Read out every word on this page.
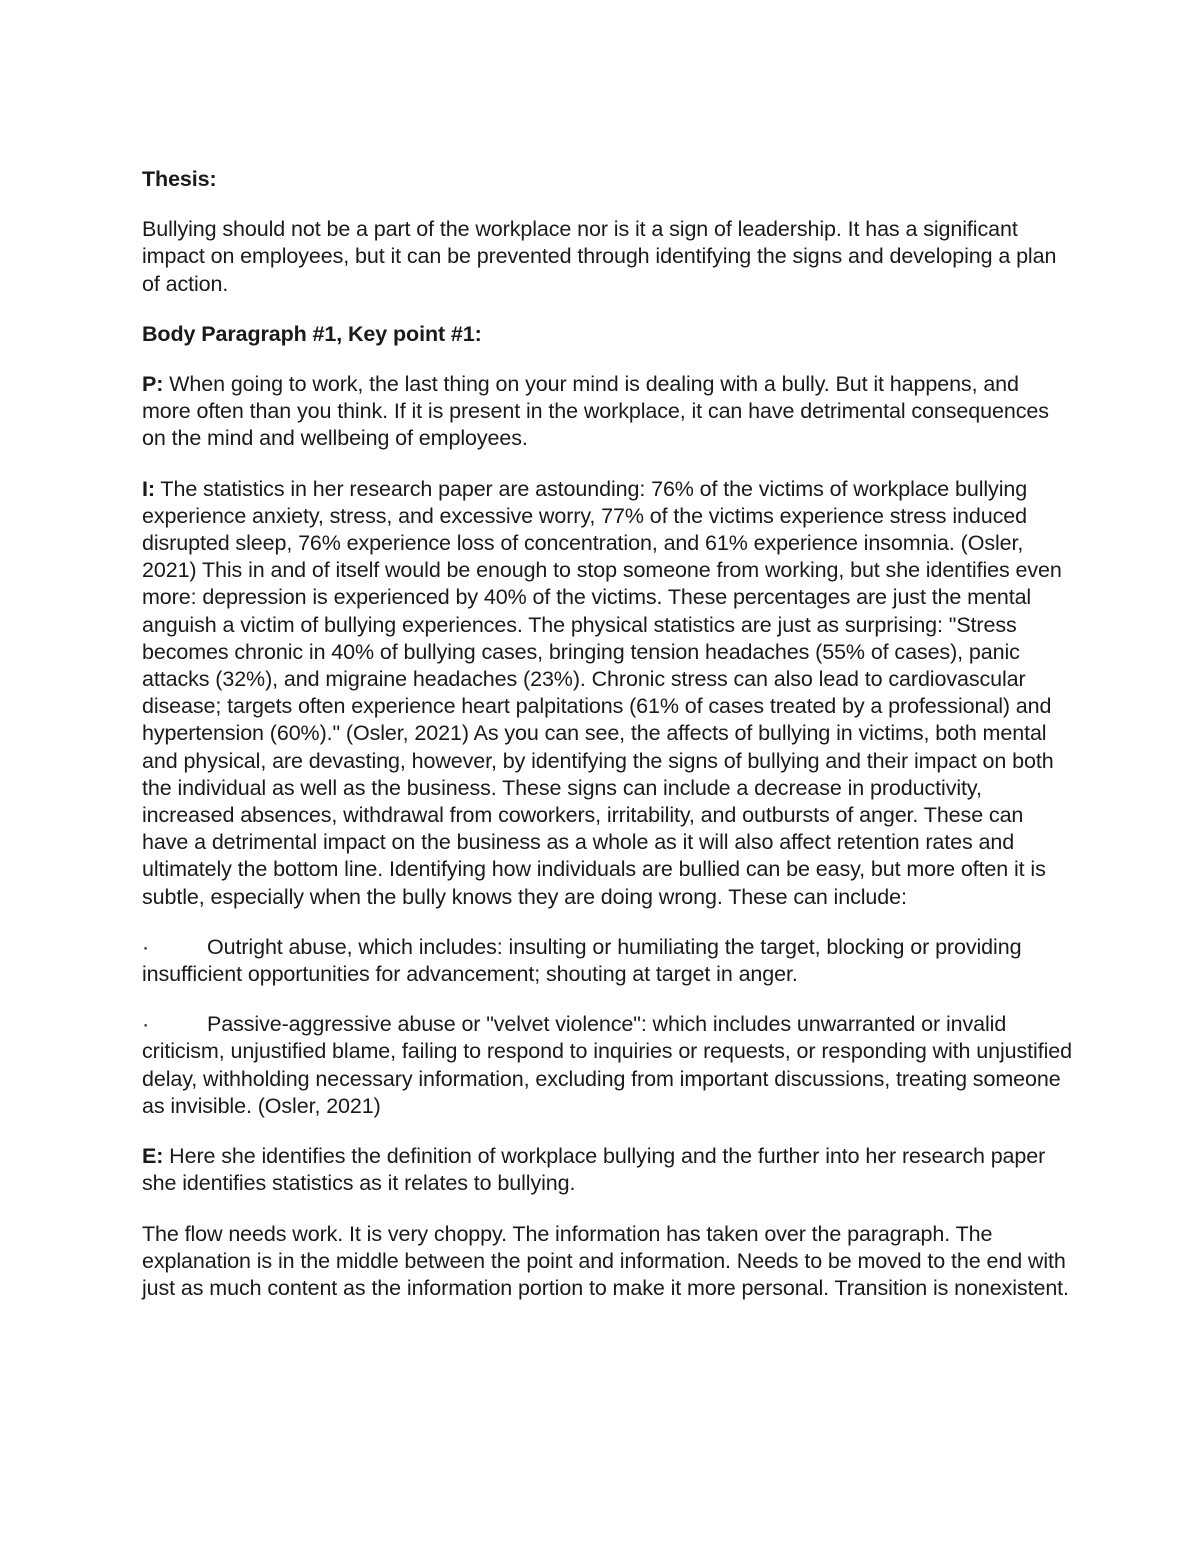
Thesis:

Bullying should not be a part of the workplace nor is it a sign of leadership. It has a significant impact on employees, but it can be prevented through identifying the signs and developing a plan of action.

Body Paragraph #1, Key point #1:

P: When going to work, the last thing on your mind is dealing with a bully. But it happens, and more often than you think. If it is present in the workplace, it can have detrimental consequences on the mind and wellbeing of employees.

I: The statistics in her research paper are astounding: 76% of the victims of workplace bullying experience anxiety, stress, and excessive worry, 77% of the victims experience stress induced disrupted sleep, 76% experience loss of concentration, and 61% experience insomnia. (Osler, 2021) This in and of itself would be enough to stop someone from working, but she identifies even more: depression is experienced by 40% of the victims. These percentages are just the mental anguish a victim of bullying experiences. The physical statistics are just as surprising: "Stress becomes chronic in 40% of bullying cases, bringing tension headaches (55% of cases), panic attacks (32%), and migraine headaches (23%). Chronic stress can also lead to cardiovascular disease; targets often experience heart palpitations (61% of cases treated by a professional) and hypertension (60%)." (Osler, 2021) As you can see, the affects of bullying in victims, both mental and physical, are devasting, however, by identifying the signs of bullying and their impact on both the individual as well as the business. These signs can include a decrease in productivity, increased absences, withdrawal from coworkers, irritability, and outbursts of anger. These can have a detrimental impact on the business as a whole as it will also affect retention rates and ultimately the bottom line. Identifying how individuals are bullied can be easy, but more often it is subtle, especially when the bully knows they are doing wrong. These can include:

·	Outright abuse, which includes: insulting or humiliating the target, blocking or providing insufficient opportunities for advancement; shouting at target in anger.

·	Passive-aggressive abuse or "velvet violence": which includes unwarranted or invalid criticism, unjustified blame, failing to respond to inquiries or requests, or responding with unjustified delay, withholding necessary information, excluding from important discussions, treating someone as invisible. (Osler, 2021)

E: Here she identifies the definition of workplace bullying and the further into her research paper she identifies statistics as it relates to bullying.

The flow needs work. It is very choppy. The information has taken over the paragraph. The explanation is in the middle between the point and information. Needs to be moved to the end with just as much content as the information portion to make it more personal. Transition is nonexistent.
